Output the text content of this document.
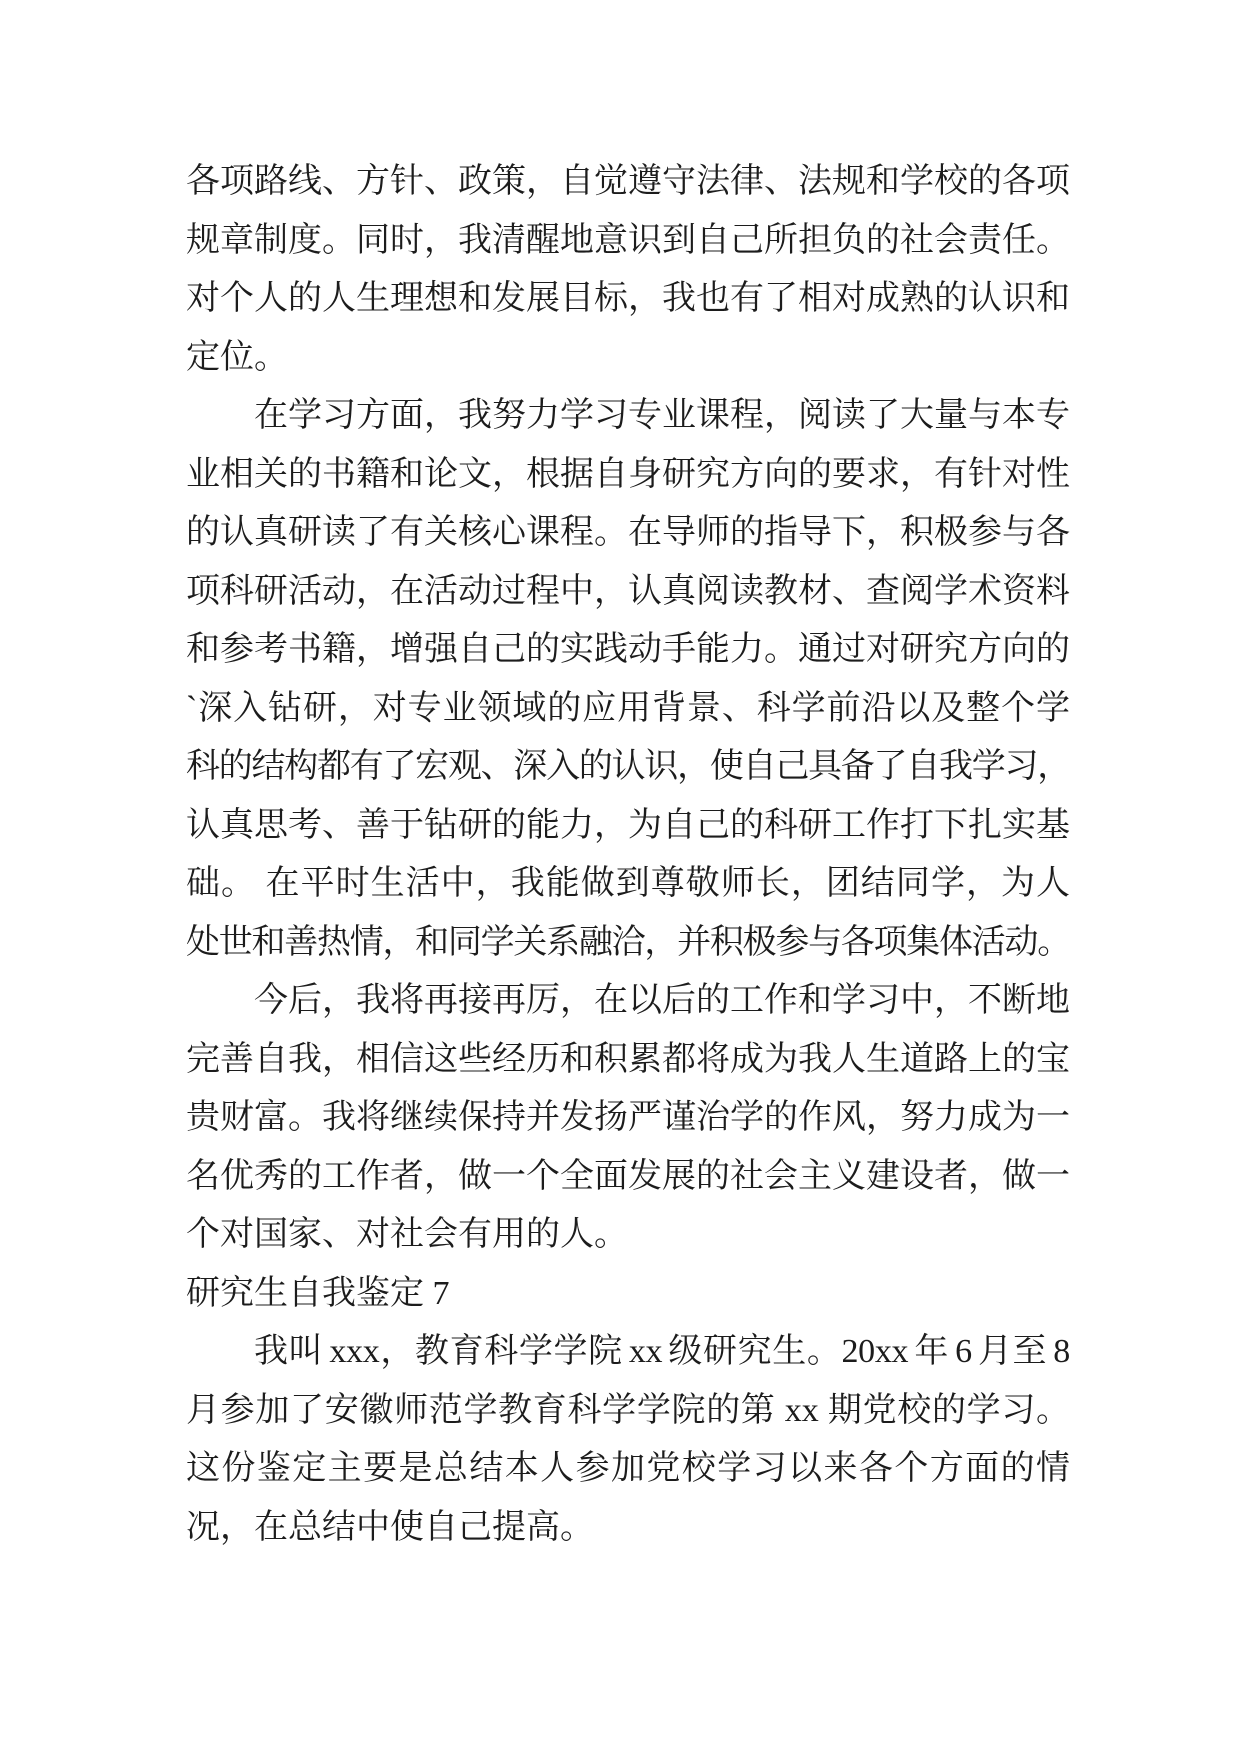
各项路线、方针、政策，自觉遵守法律、法规和学校的各项
规章制度。同时，我清醒地意识到自己所担负的社会责任。
对个人的人生理想和发展目标，我也有了相对成熟的认识和
定位。
在学习方面，我努力学习专业课程，阅读了大量与本专
业相关的书籍和论文，根据自身研究方向的要求，有针对性
的认真研读了有关核心课程。在导师的指导下，积极参与各
项科研活动，在活动过程中，认真阅读教材、查阅学术资料
和参考书籍，增强自己的实践动手能力。通过对研究方向的
`深入钻研，对专业领域的应用背景、科学前沿以及整个学
科的结构都有了宏观、深入的认识，使自己具备了自我学习，
认真思考、善于钻研的能力，为自己的科研工作打下扎实基
础。 在平时生活中，我能做到尊敬师长，团结同学，为人
处世和善热情，和同学关系融洽，并积极参与各项集体活动。
今后，我将再接再厉，在以后的工作和学习中，不断地
完善自我，相信这些经历和积累都将成为我人生道路上的宝
贵财富。我将继续保持并发扬严谨治学的作风，努力成为一
名优秀的工作者，做一个全面发展的社会主义建设者，做一
个对国家、对社会有用的人。
研究生自我鉴定 7
我叫 xxx，教育科学学院 xx 级研究生。20xx 年 6 月至 8
月参加了安徽师范学教育科学学院的第 xx 期党校的学习。
这份鉴定主要是总结本人参加党校学习以来各个方面的情
况，在总结中使自己提高。
